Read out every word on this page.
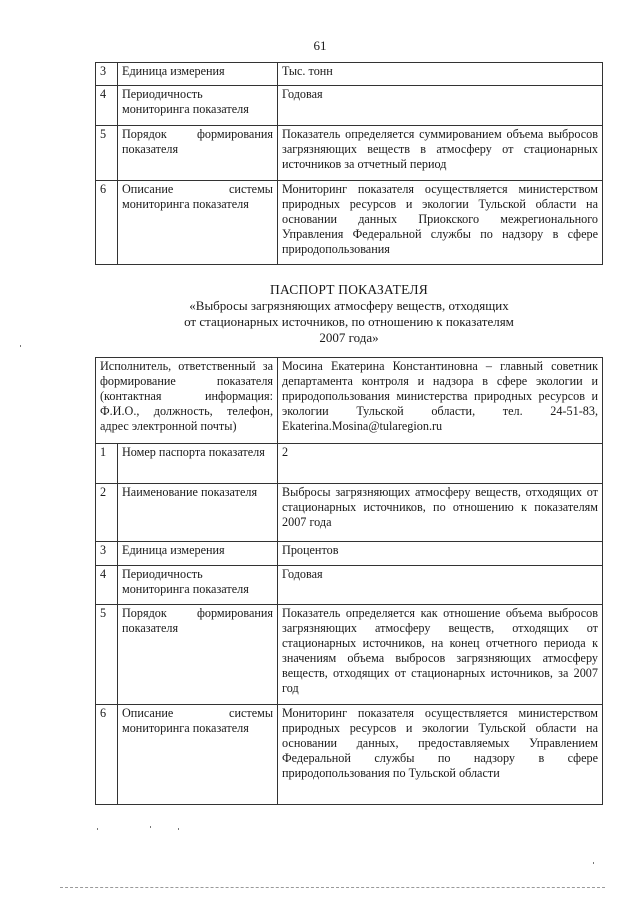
61
3	Единица измерения	Тыс. тонн
4	Периодичность мониторинга показателя	Годовая
5	Порядок формирования показателя	Показатель определяется суммированием объема выбросов загрязняющих веществ в атмосферу от стационарных источников за отчетный период
6	Описание системы мониторинга показателя	Мониторинг показателя осуществляется министерством природных ресурсов и экологии Тульской области на основании данных Приокского межрегионального Управления Федеральной службы по надзору в сфере природопользования
ПАСПОРТ ПОКАЗАТЕЛЯ
«Выбросы загрязняющих атмосферу веществ, отходящих
от стационарных источников, по отношению к показателям
2007 года»
Исполнитель, ответственный за формирование показателя (контактная информация: Ф.И.О., должность, телефон, адрес электронной почты)		Мосина Екатерина Константиновна – главный советник департамента контроля и надзора в сфере экологии и природопользования министерства природных ресурсов и экологии Тульской области, тел. 24-51-83, Ekaterina.Mosina@tularegion.ru
1	Номер паспорта показателя	2
2	Наименование показателя	Выбросы загрязняющих атмосферу веществ, отходящих от стационарных источников, по отношению к показателям 2007 года
3	Единица измерения	Процентов
4	Периодичность мониторинга показателя	Годовая
5	Порядок формирования показателя	Показатель определяется как отношение объема выбросов загрязняющих атмосферу веществ, отходящих от стационарных источников, на конец отчетного периода к значениям объема выбросов загрязняющих атмосферу веществ, отходящих от стационарных источников, за 2007 год
6	Описание системы мониторинга показателя	Мониторинг показателя осуществляется министерством природных ресурсов и экологии Тульской области на основании данных, предоставляемых Управлением Федеральной службы по надзору в сфере природопользования по Тульской области
